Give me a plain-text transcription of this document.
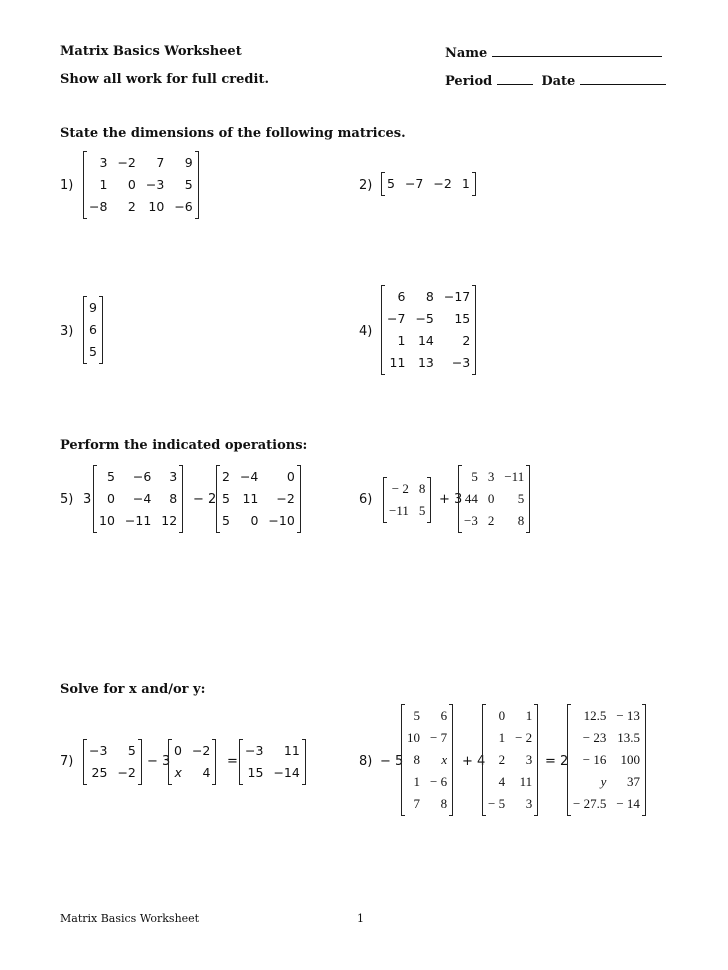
Matrix Basics Worksheet
Show all work for full credit.
Name
Period	Date
State the dimensions of the following matrices.
1)
3	−2	7	9
1	0	−3	5
−8	2	10	−6
2) 5	−7	−2	1
3)
9
6
5
4)
6	8	−17
−7	−5	15
1	14	2
11	13	−3
Perform the indicated operations:
5) 3
5	−6	3
0	−4	8
10	−11	12
− 2
2	−4	0
5	11	−2
5	0	−10
6)
− 2	8
−11	5
+ 3
5	3	−11
44	0	5
−3	2	8
Solve for x and/or y:
7)
−3	5
25	−2
− 3
0	−2
x	4
=
−3	11
15	−14
8) − 5
5	6
10	− 7
8	x
1	− 6
7	8
+ 4
0	1
1	− 2
2	3
4	11
− 5	3
= 2
12.5	− 13
− 23	13.5
− 16	100
y	37
− 27.5	− 14
Matrix Basics Worksheet	1
